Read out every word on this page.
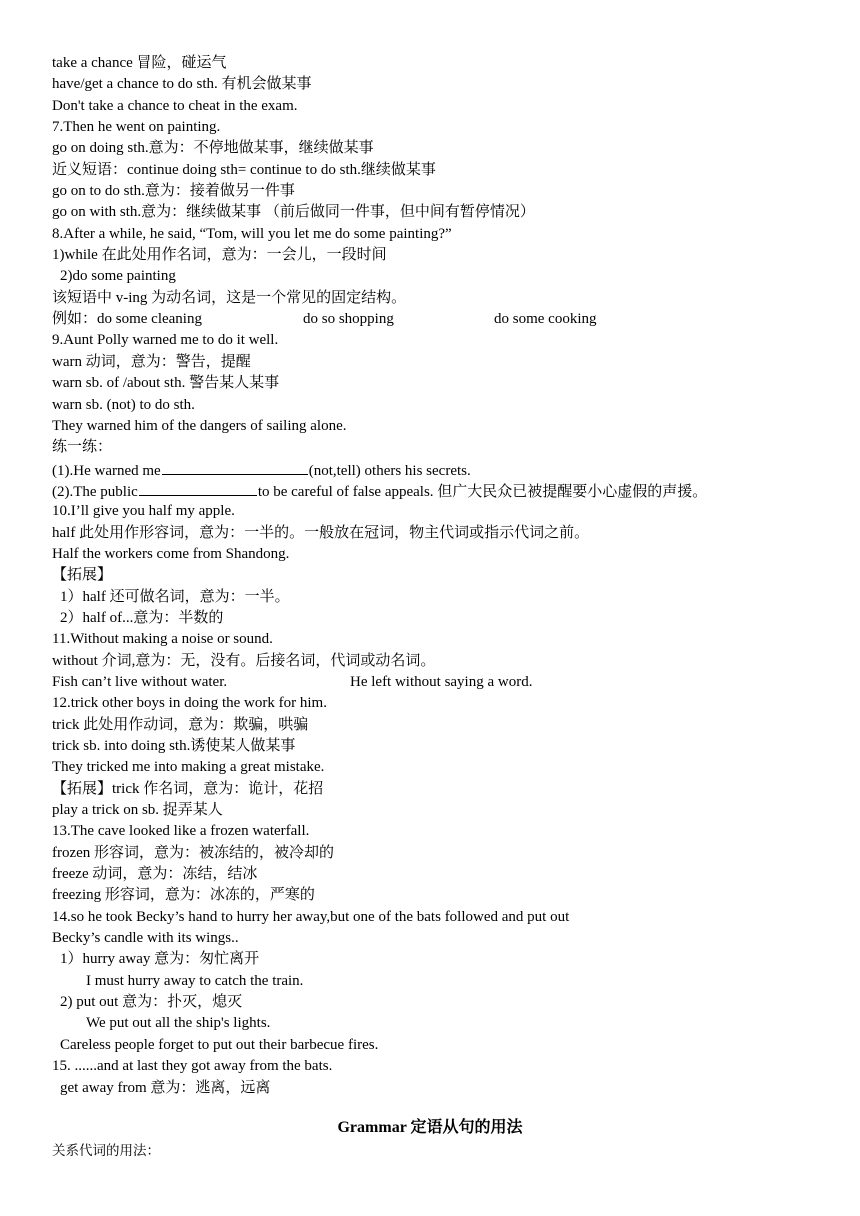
take a chance 冒险，碰运气
have/get a chance to do sth. 有机会做某事
Don't take a chance to cheat in the exam.
7.Then he went on painting.
go on doing sth.意为：不停地做某事，继续做某事
近义短语：continue doing sth= continue to do sth.继续做某事
go on to do sth.意为：接着做另一件事
go on with sth.意为：继续做某事 （前后做同一件事，但中间有暂停情况）
8.After a while, he said, “Tom, will you let me do some painting?”
1)while 在此处用作名词，意为：一会儿，一段时间
2)do some painting
该短语中 v-ing 为动名词，这是一个常见的固定结构。
例如：do some cleaning	do so shopping	do some cooking
9.Aunt Polly warned me to do it well.
warn 动词，意为：警告，提醒
warn sb. of /about sth. 警告某人某事
warn sb. (not) to do sth.
They warned him of the dangers of sailing alone.
练一练：
(1).He warned me	(not,tell) others his secrets.
(2).The public	to be careful of false appeals. 但广大民众已被提醒要小心虚假的声援。
10.I’ll give you half my apple.
half 此处用作形容词，意为：一半的。一般放在冠词，物主代词或指示代词之前。
Half the workers come from Shandong.
【拓展】
1）half 还可做名词，意为：一半。
2）half of...意为：半数的
11.Without making a noise or sound.
without 介词,意为：无，没有。后接名词，代词或动名词。
Fish can’t live without water.	He left without saying a word.
12.trick other boys in doing the work for him.
trick 此处用作动词，意为：欺骗，哄骗
trick sb. into doing sth.诱使某人做某事
They tricked me into making a great mistake.
【拓展】trick 作名词，意为：诡计，花招
play a trick on sb. 捉弄某人
13.The cave looked like a frozen waterfall.
frozen 形容词，意为：被冻结的，被冷却的
freeze 动词，意为：冻结，结冰
freezing 形容词，意为：冰冻的，严寒的
14.so he took Becky’s hand to hurry her away,but one of the bats followed and put out
Becky’s candle with its wings..
1）hurry away 意为：匆忙离开
I must hurry away to catch the train.
2) put out 意为：扑灭，熄灭
We put out all the ship's lights.
Careless people forget to put out their barbecue fires.
15. ......and at last they got away from the bats.
get away from 意为：逃离，远离
Grammar 定语从句的用法
关系代词的用法：
